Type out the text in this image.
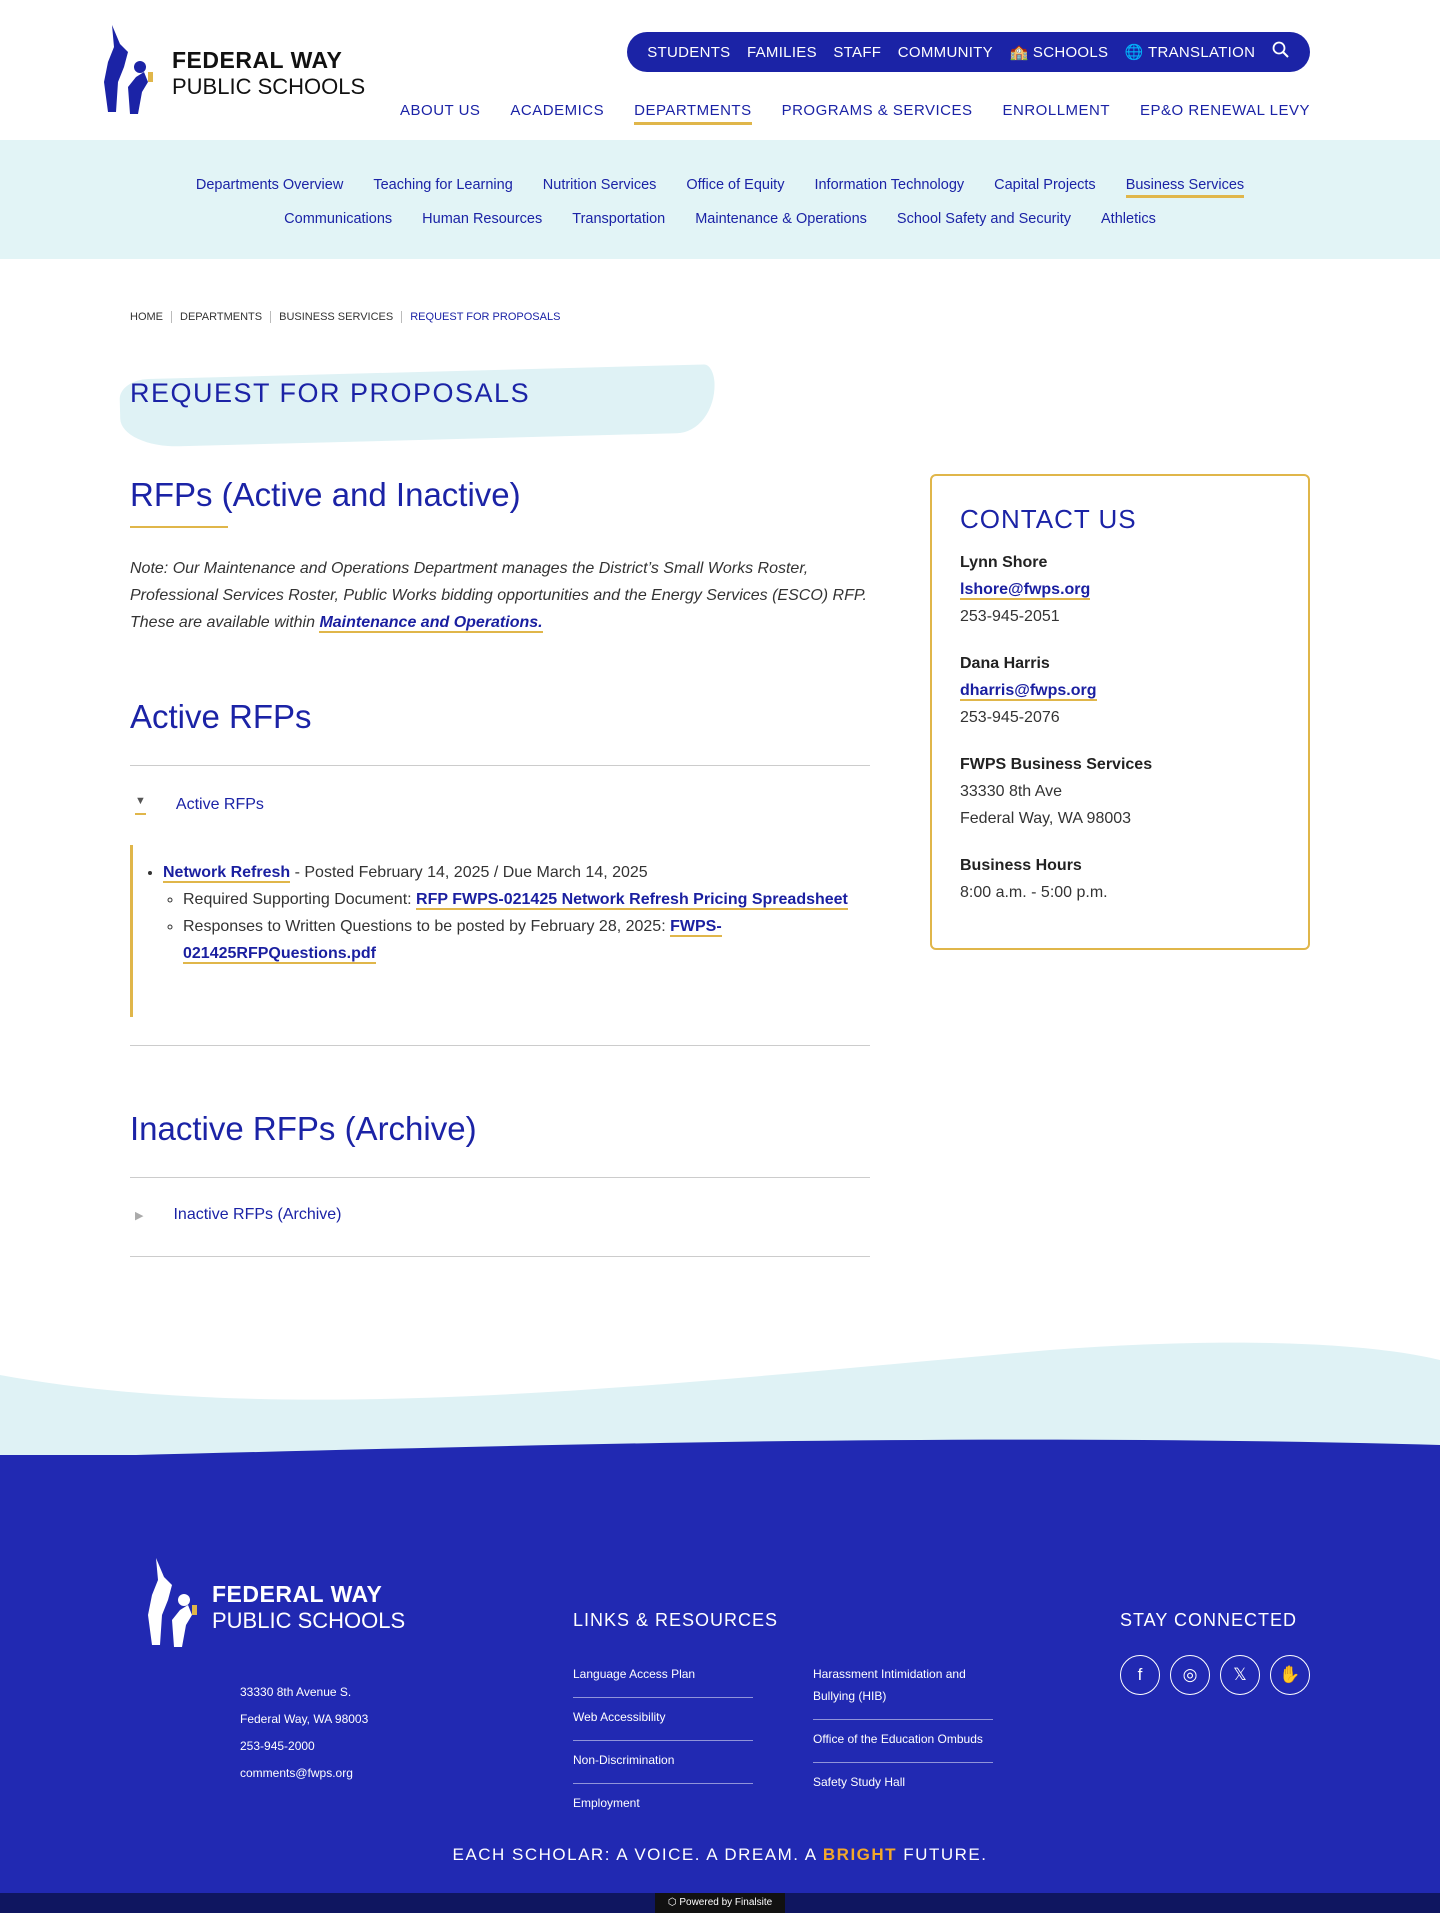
FEDERAL WAY
PUBLIC SCHOOLS
STUDENTS FAMILIES STAFF COMMUNITY 🏫 SCHOOLS 🌐 TRANSLATION
ABOUT US ACADEMICS DEPARTMENTS PROGRAMS & SERVICES ENROLLMENT EP&O RENEWAL LEVY
Departments Overview Teaching for Learning Nutrition Services Office of Equity Information Technology Capital Projects Business Services
Communications Human Resources Transportation Maintenance & Operations School Safety and Security Athletics
HOME	DEPARTMENTS	BUSINESS SERVICES	REQUEST FOR PROPOSALS
REQUEST FOR PROPOSALS
RFPs (Active and Inactive)

Note: Our Maintenance and Operations Department manages the District’s Small Works Roster, Professional Services Roster, Public Works bidding opportunities and the Energy Services (ESCO) RFP. These are available within Maintenance and Operations.

Active RFPs
▼ Active RFPs
• Network Refresh - Posted February 14, 2025 / Due March 14, 2025
◦ Required Supporting Document: RFP FWPS-021425 Network Refresh Pricing Spreadsheet
◦ Responses to Written Questions to be posted by February 28, 2025: FWPS-021425RFPQuestions.pdf
Inactive RFPs (Archive)
▶ Inactive RFPs (Archive)
CONTACT US
Lynn Shore
lshore@fwps.org
253-945-2051
Dana Harris
dharris@fwps.org
253-945-2076
FWPS Business Services
33330 8th Ave
Federal Way, WA 98003
Business Hours
8:00 a.m. - 5:00 p.m.
FEDERAL WAY
PUBLIC SCHOOLS
33330 8th Avenue S.
Federal Way, WA 98003
253-945-2000
comments@fwps.org
LINKS & RESOURCES
Language Access Plan
Web Accessibility
Non-Discrimination
Employment
Harassment Intimidation and Bullying (HIB)
Office of the Education Ombuds
Safety Study Hall
STAY CONNECTED
f	◎	𝕏	✋
EACH SCHOLAR: A VOICE. A DREAM. A BRIGHT FUTURE.
⬡ Powered by Finalsite
